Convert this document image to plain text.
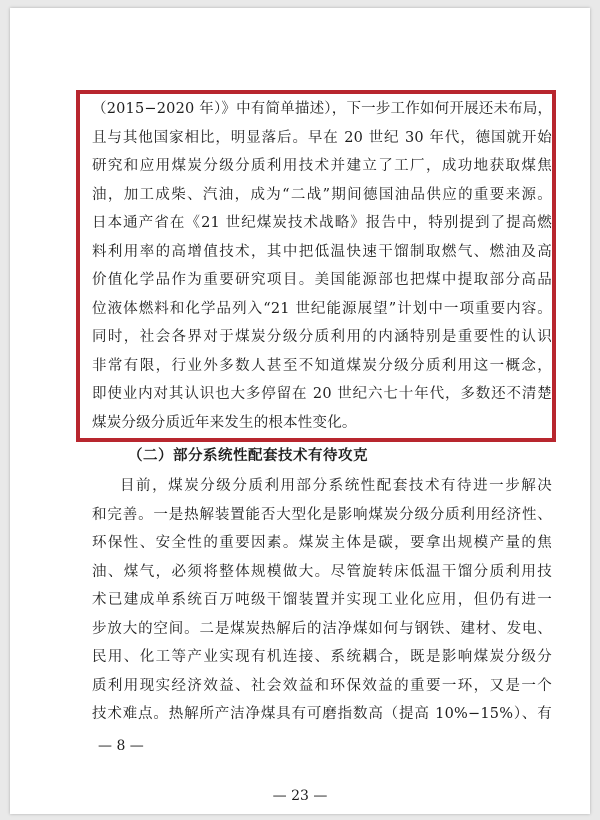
（2015−2020 年）》中有简单描述），下一步工作如何开展还未布局，
且与其他国家相比，明显落后。早在 20 世纪 30 年代，德国就开始
研究和应用煤炭分级分质利用技术并建立了工厂，成功地获取煤焦
油，加工成柴、汽油，成为“二战”期间德国油品供应的重要来源。
日本通产省在《21 世纪煤炭技术战略》报告中，特别提到了提高燃
料利用率的高增值技术，其中把低温快速干馏制取燃气、燃油及高
价值化学品作为重要研究项目。美国能源部也把煤中提取部分高品
位液体燃料和化学品列入“21 世纪能源展望”计划中一项重要内容。
同时，社会各界对于煤炭分级分质利用的内涵特别是重要性的认识
非常有限，行业外多数人甚至不知道煤炭分级分质利用这一概念，
即使业内对其认识也大多停留在 20 世纪六七十年代，多数还不清楚
煤炭分级分质近年来发生的根本性变化。
（二）部分系统性配套技术有待攻克
目前，煤炭分级分质利用部分系统性配套技术有待进一步解决
和完善。一是热解装置能否大型化是影响煤炭分级分质利用经济性、
环保性、安全性的重要因素。煤炭主体是碳，要拿出规模产量的焦
油、煤气，必须将整体规模做大。尽管旋转床低温干馏分质利用技
术已建成单系统百万吨级干馏装置并实现工业化应用，但仍有进一
步放大的空间。二是煤炭热解后的洁净煤如何与钢铁、建材、发电、
民用、化工等产业实现有机连接、系统耦合，既是影响煤炭分级分
质利用现实经济效益、社会效益和环保效益的重要一环，又是一个
技术难点。热解所产洁净煤具有可磨指数高（提高 10%−15%）、有
— 8 —
— 23 —
